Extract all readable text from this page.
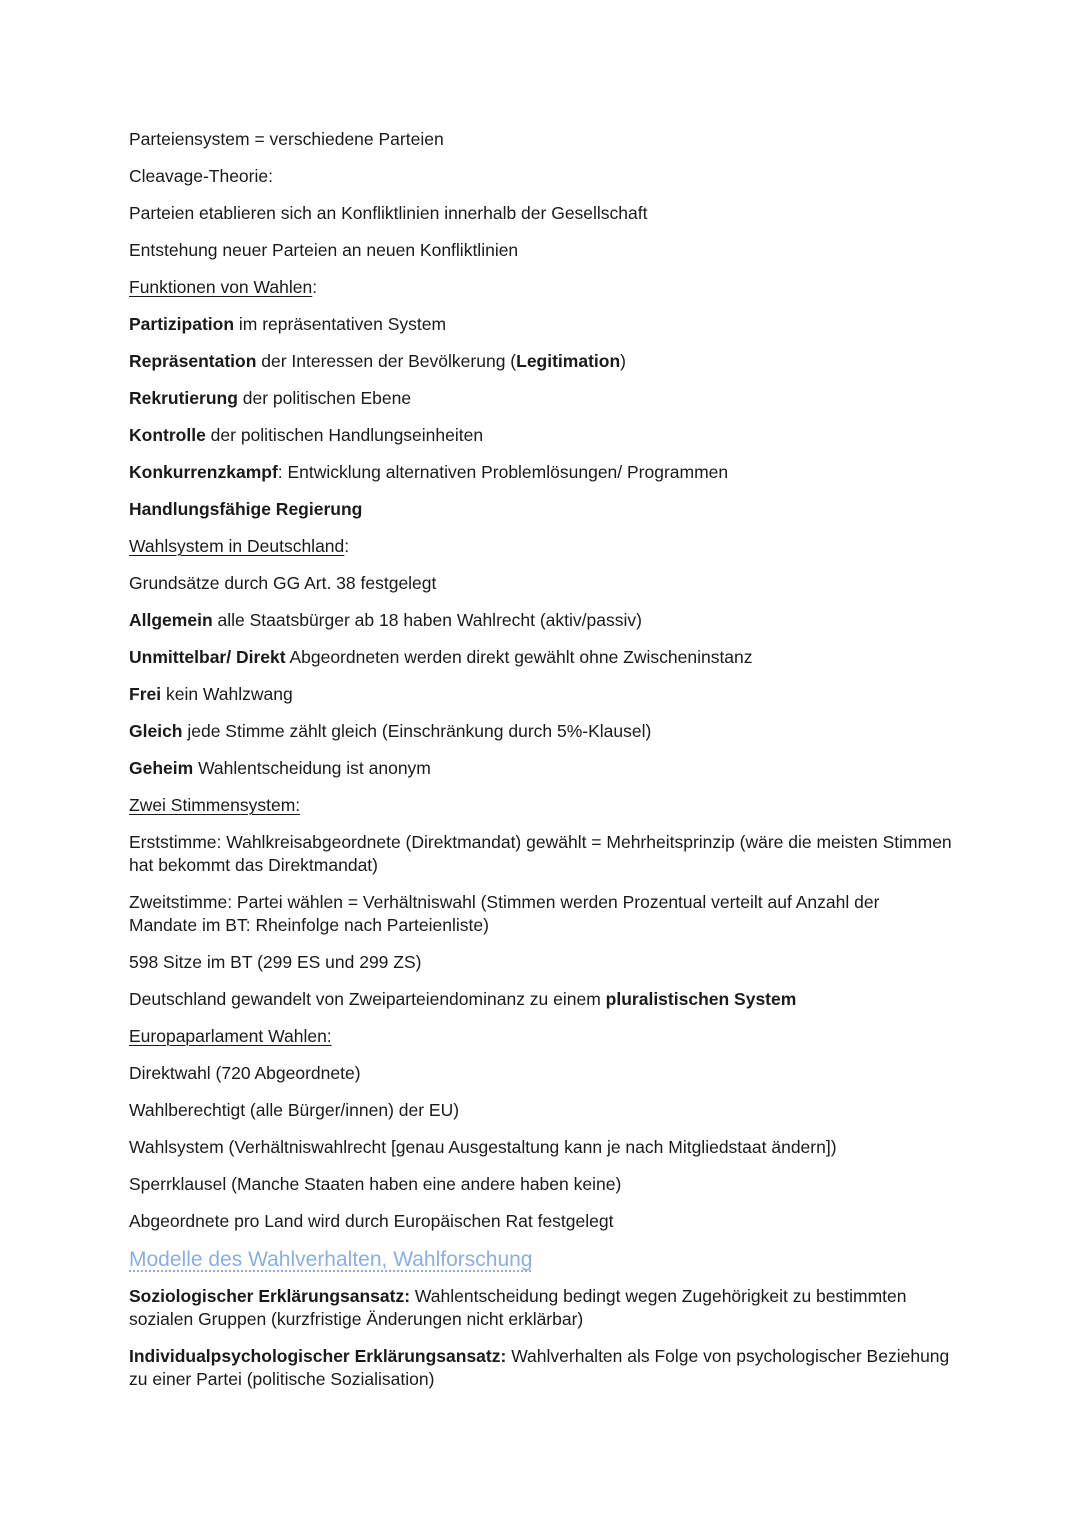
Parteiensystem = verschiedene Parteien

Cleavage-Theorie:

Parteien etablieren sich an Konfliktlinien innerhalb der Gesellschaft

Entstehung neuer Parteien an neuen Konfliktlinien

Funktionen von Wahlen:

Partizipation im repräsentativen System

Repräsentation der Interessen der Bevölkerung (Legitimation)

Rekrutierung der politischen Ebene

Kontrolle der politischen Handlungseinheiten

Konkurrenzkampf: Entwicklung alternativen Problemlösungen/ Programmen

Handlungsfähige Regierung

Wahlsystem in Deutschland:

Grundsätze durch GG Art. 38 festgelegt

Allgemein alle Staatsbürger ab 18 haben Wahlrecht (aktiv/passiv)

Unmittelbar/ Direkt Abgeordneten werden direkt gewählt ohne Zwischeninstanz

Frei kein Wahlzwang

Gleich jede Stimme zählt gleich (Einschränkung durch 5%-Klausel)

Geheim Wahlentscheidung ist anonym

Zwei Stimmensystem:

Erststimme: Wahlkreisabgeordnete (Direktmandat) gewählt = Mehrheitsprinzip (wäre die meisten Stimmen hat bekommt das Direktmandat)

Zweitstimme: Partei wählen = Verhältniswahl (Stimmen werden Prozentual verteilt auf Anzahl der Mandate im BT: Rheinfolge nach Parteienliste)

598 Sitze im BT (299 ES und 299 ZS)

Deutschland gewandelt von Zweiparteiendominanz zu einem pluralistischen System

Europaparlament Wahlen:

Direktwahl (720 Abgeordnete)

Wahlberechtigt (alle Bürger/innen) der EU)

Wahlsystem (Verhältniswahlrecht [genau Ausgestaltung kann je nach Mitgliedstaat ändern])

Sperrklausel (Manche Staaten haben eine andere haben keine)

Abgeordnete pro Land wird durch Europäischen Rat festgelegt

Modelle des Wahlverhalten, Wahlforschung

Soziologischer Erklärungsansatz: Wahlentscheidung bedingt wegen Zugehörigkeit zu bestimmten sozialen Gruppen (kurzfristige Änderungen nicht erklärbar)

Individualpsychologischer Erklärungsansatz: Wahlverhalten als Folge von psychologischer Beziehung zu einer Partei (politische Sozialisation)
